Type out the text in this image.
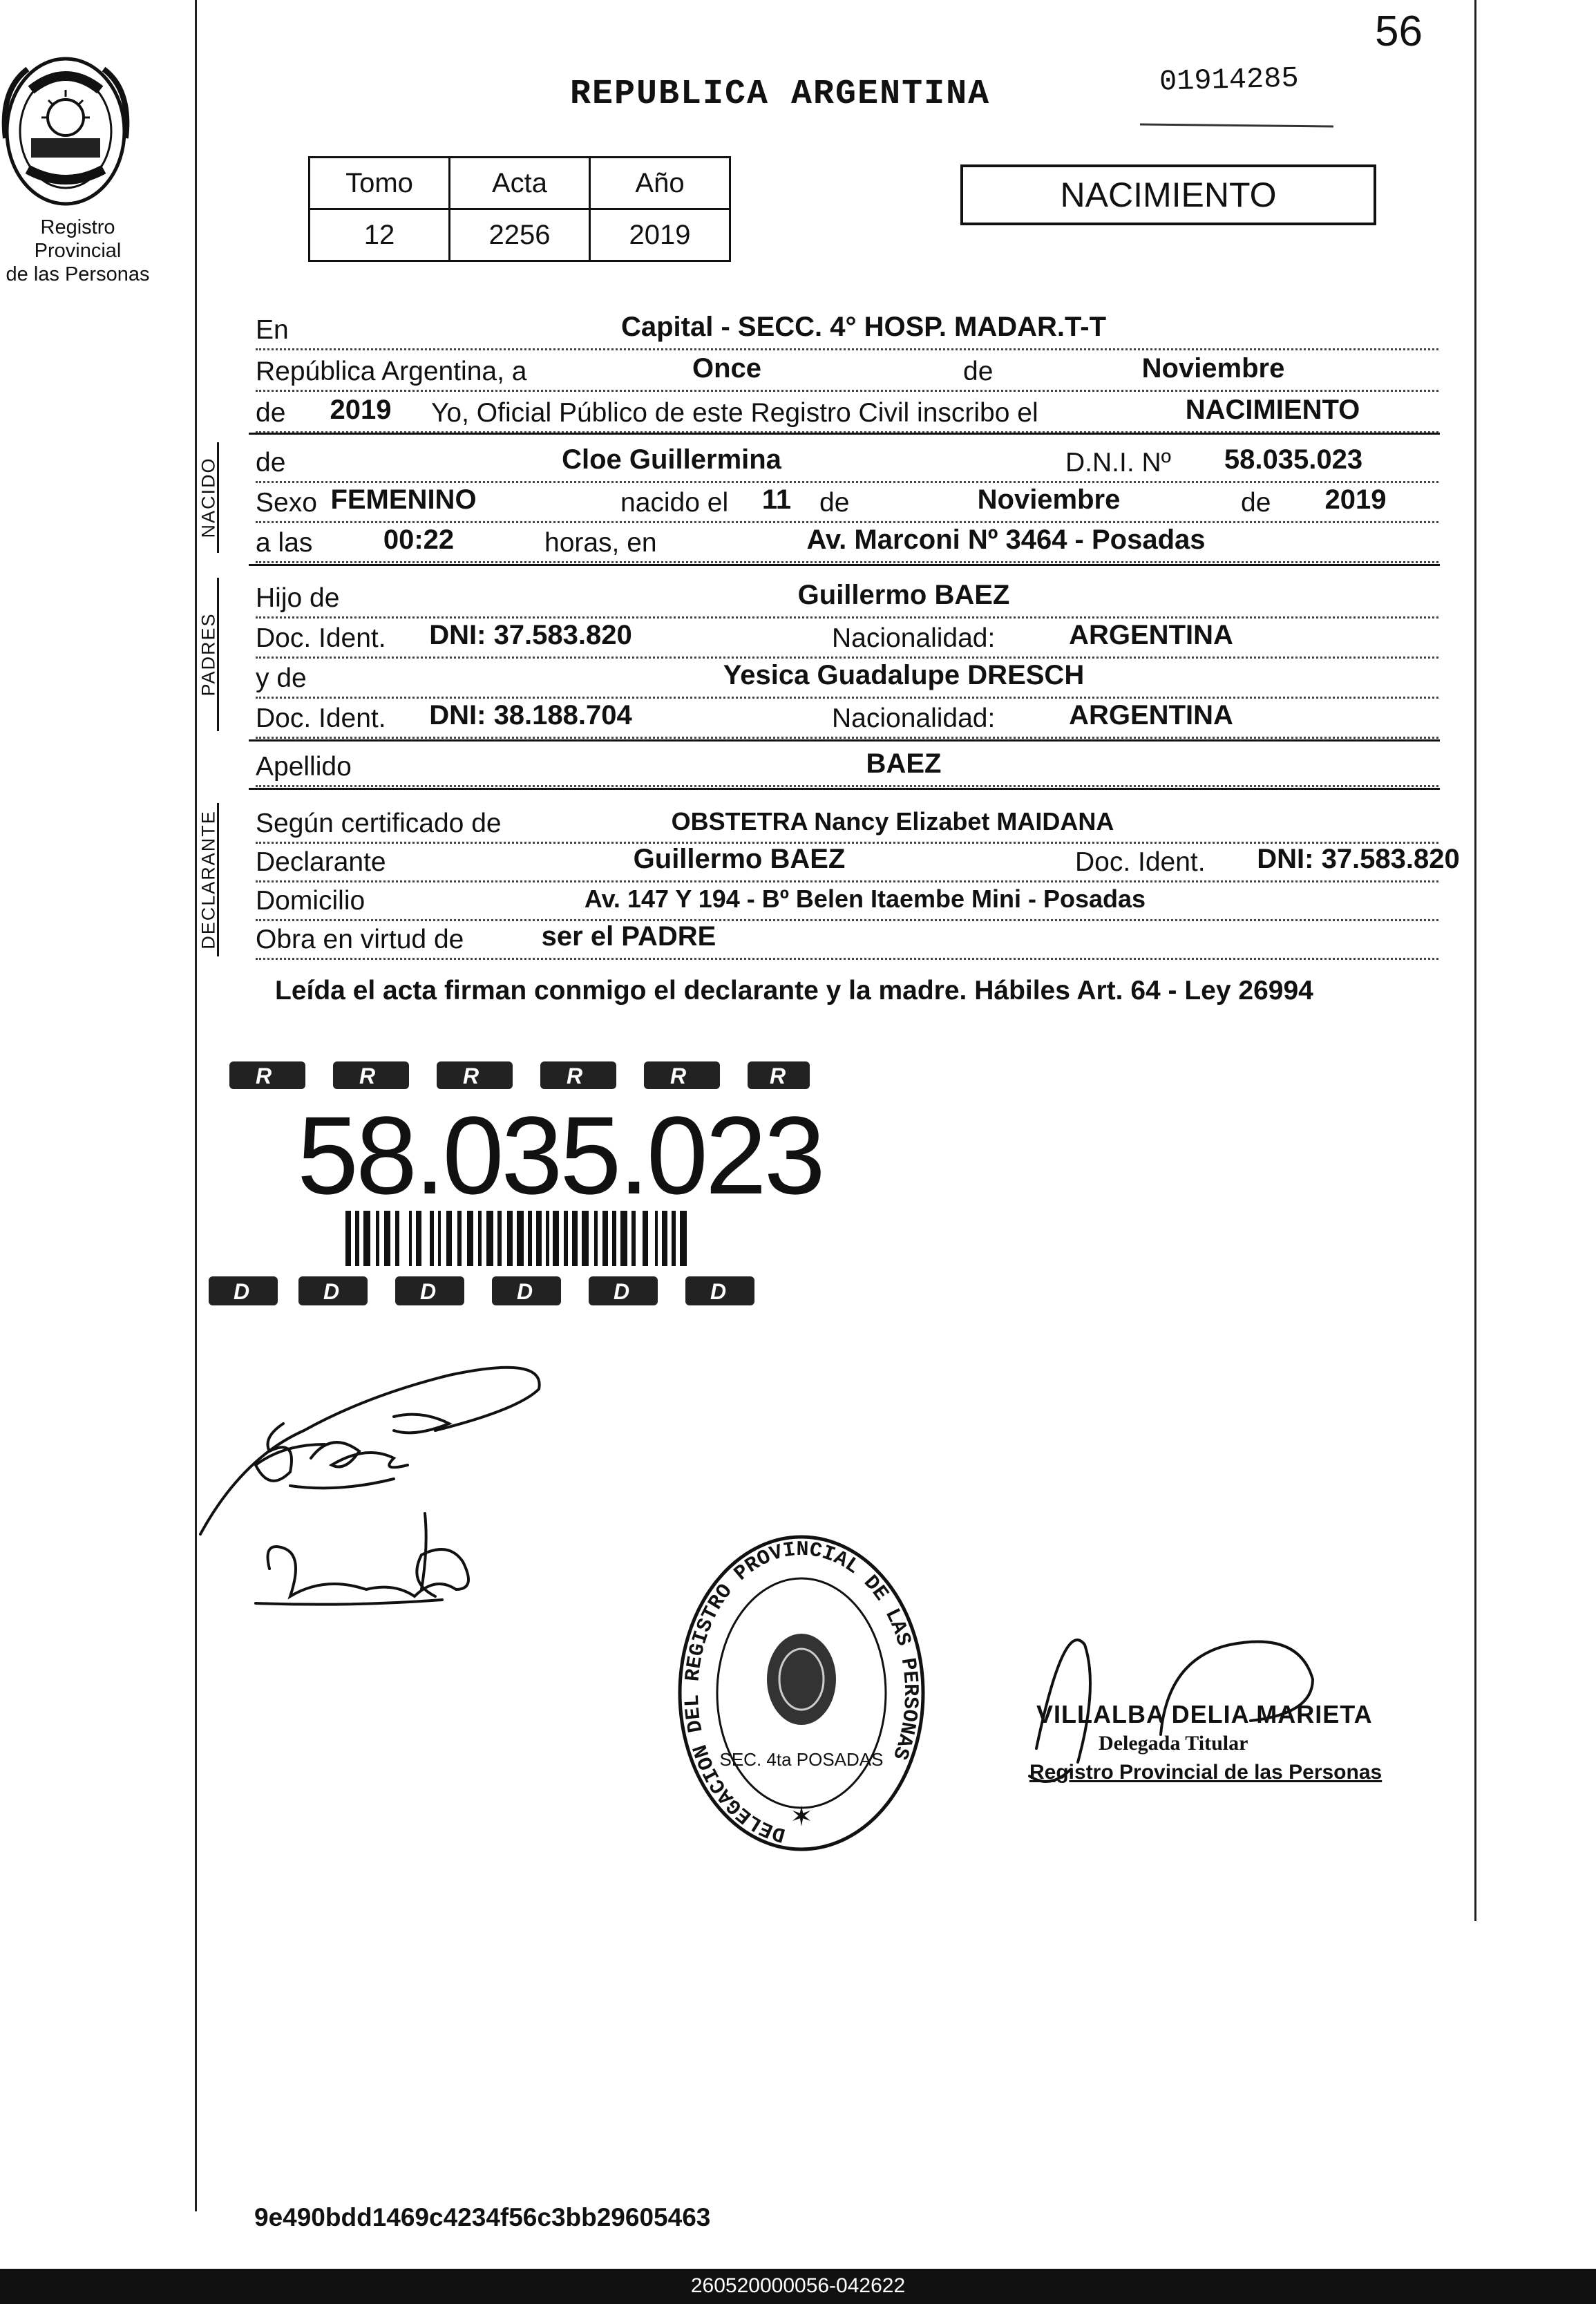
Registro Provincial
de las Personas
56
01914285
REPUBLICA ARGENTINA
Tomo	Acta	Año
12	2256	2019
NACIMIENTO
En	Capital - SECC. 4° HOSP. MADAR.T-T
República Argentina, a	Once	de	Noviembre
de 2019 Yo, Oficial Público de este Registro Civil inscribo el	NACIMIENTO
NACIDO de	Cloe Guillermina	D.N.I. Nº 58.035.023
Sexo FEMENINO	nacido el 11 de	Noviembre	de 2019
a las	00:22	horas, en	Av. Marconi Nº 3464 - Posadas
PADRES
Hijo de	Guillermo BAEZ
Doc. Ident. DNI: 37.583.820	Nacionalidad:	ARGENTINA
y de	Yesica Guadalupe DRESCH
Doc. Ident. DNI: 38.188.704	Nacionalidad:	ARGENTINA
Apellido	BAEZ
DECLARANTE Según certificado de	OBSTETRA Nancy Elizabet MAIDANA
Declarante	Guillermo BAEZ	Doc. Ident. DNI: 37.583.820
Domicilio	Av. 147 Y 194 - Bº Belen Itaembe Mini - Posadas
Obra en virtud de	ser el PADRE
Leída el acta firman conmigo el declarante y la madre. Hábiles Art. 64 - Ley 26994
R	R	R	R	R	R
D	D	D	D	D	D
58.035.023
DELEGACION DEL REGISTRO PROVINCIAL DE LAS PERSONAS
SEC. 4ta POSADAS
✶
VILLALBA DELIA MARIETA
Delegada Titular
Registro Provincial de las Personas
9e490bdd1469c4234f56c3bb29605463
260520000056-042622
